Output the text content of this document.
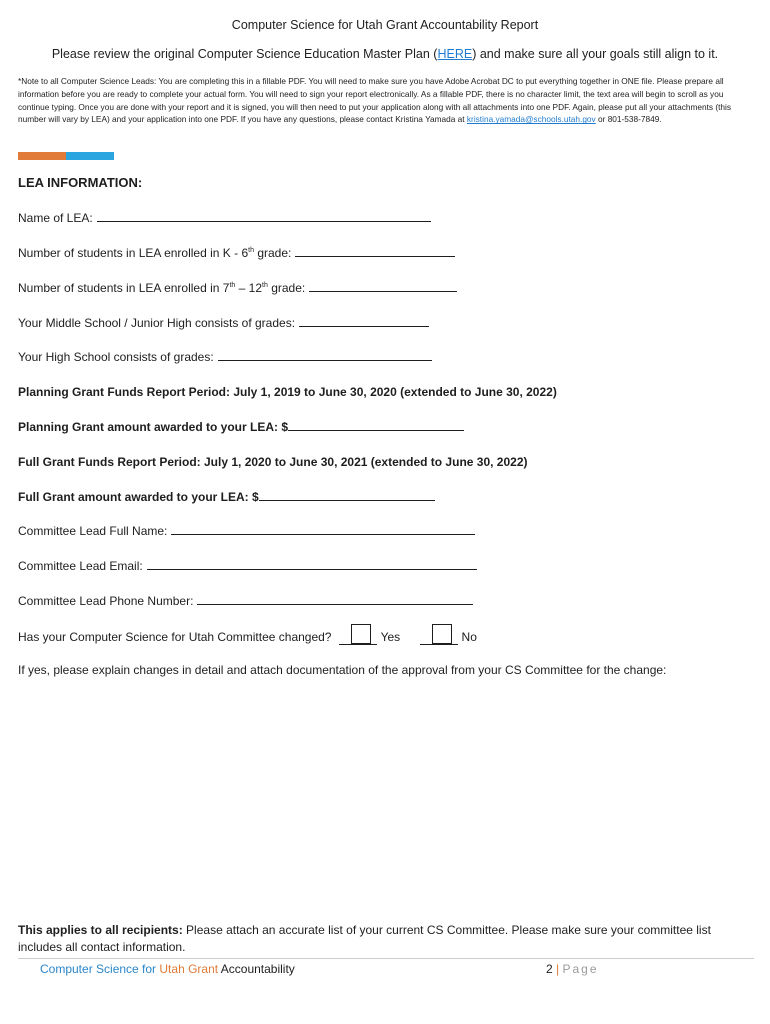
Computer Science for Utah Grant Accountability Report
Please review the original Computer Science Education Master Plan (HERE) and make sure all your goals still align to it.
*Note to all Computer Science Leads: You are completing this in a fillable PDF. You will need to make sure you have Adobe Acrobat DC to put everything together in ONE file. Please prepare all information before you are ready to complete your actual form. You will need to sign your report electronically. As a fillable PDF, there is no character limit, the text area will begin to scroll as you continue typing. Once you are done with your report and it is signed, you will then need to put your application along with all attachments into one PDF. Again, please put all your attachments (this number will vary by LEA) and your application into one PDF. If you have any questions, please contact Kristina Yamada at kristina.yamada@schools.utah.gov or 801-538-7849.
LEA INFORMATION:
Name of LEA:
Number of students in LEA enrolled in K - 6th grade:
Number of students in LEA enrolled in 7th – 12th grade:
Your Middle School / Junior High consists of grades:
Your High School consists of grades:
Planning Grant Funds Report Period: July 1, 2019 to June 30, 2020 (extended to June 30, 2022)
Planning Grant amount awarded to your LEA: $
Full Grant Funds Report Period: July 1, 2020 to June 30, 2021 (extended to June 30, 2022)
Full Grant amount awarded to your LEA: $
Committee Lead Full Name:
Committee Lead Email:
Committee Lead Phone Number:
Has your Computer Science for Utah Committee changed?	Yes	No
If yes, please explain changes in detail and attach documentation of the approval from your CS Committee for the change:
This applies to all recipients: Please attach an accurate list of your current CS Committee. Please make sure your committee list includes all contact information.
Computer Science for Utah Grant Accountability	2 | Page
